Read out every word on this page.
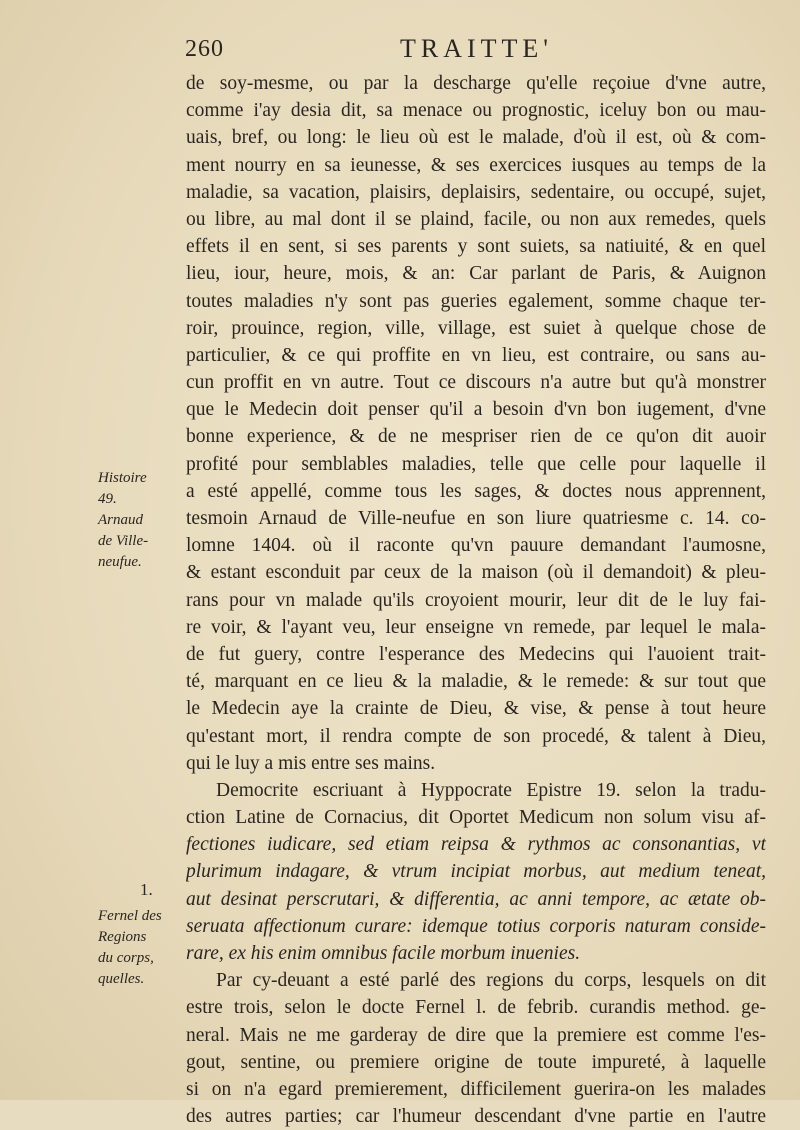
260	TRAITTE'
de soy-mesme, ou par la descharge qu'elle reçoiue d'vne autre,
comme i'ay desia dit, sa menace ou prognostic, iceluy bon ou mau-
uais, bref, ou long: le lieu où est le malade, d'où il est, où & com-
ment nourry en sa ieunesse, & ses exercices iusques au temps de la
maladie, sa vacation, plaisirs, deplaisirs, sedentaire, ou occupé, sujet,
ou libre, au mal dont il se plaind, facile, ou non aux remedes, quels
effets il en sent, si ses parents y sont suiets, sa natiuité, & en quel
lieu, iour, heure, mois, & an: Car parlant de Paris, & Auignon
toutes maladies n'y sont pas gueries egalement, somme chaque ter-
roir, prouince, region, ville, village, est suiet à quelque chose de
particulier, & ce qui proffite en vn lieu, est contraire, ou sans au-
cun proffit en vn autre. Tout ce discours n'a autre but qu'à monstrer
que le Medecin doit penser qu'il a besoin d'vn bon iugement, d'vne
bonne experience, & de ne mespriser rien de ce qu'on dit auoir
profité pour semblables maladies, telle que celle pour laquelle il
a esté appellé, comme tous les sages, & doctes nous apprennent,
tesmoin Arnaud de Ville-neufue en son liure quatriesme c. 14. co-
lomne 1404. où il raconte qu'vn pauure demandant l'aumosne,
& estant esconduit par ceux de la maison (où il demandoit) & pleu-
rans pour vn malade qu'ils croyoient mourir, leur dit de le luy fai-
re voir, & l'ayant veu, leur enseigne vn remede, par lequel le mala-
de fut guery, contre l'esperance des Medecins qui l'auoient trait-
té, marquant en ce lieu & la maladie, & le remede: & sur tout que
le Medecin aye la crainte de Dieu, & vise, & pense à tout heure
qu'estant mort, il rendra compte de son procedé, & talent à Dieu,
qui le luy a mis entre ses mains.
Democrite escriuant à Hyppocrate Epistre 19. selon la tradu-
ction Latine de Cornacius, dit Oportet Medicum non solum visu af-
fectiones iudicare, sed etiam reipsa & rythmos ac consonantias, vt
plurimum indagare, & vtrum incipiat morbus, aut medium teneat,
aut desinat perscrutari, & differentia, ac anni tempore, ac ætate ob-
seruata affectionum curare: idemque totius corporis naturam conside-
rare, ex his enim omnibus facile morbum inuenies.
Par cy-deuant a esté parlé des regions du corps, lesquels on dit
estre trois, selon le docte Fernel l. de febrib. curandis method. ge-
neral. Mais ne me garderay de dire que la premiere est comme l'es-
gout, sentine, ou premiere origine de toute impureté, à laquelle
si on n'a egard premierement, difficilement guerira-on les malades
des autres parties; car l'humeur descendant d'vne partie en l'autre
Histoire
49.
Arnaud
de Ville-
neufue.
1.
Fernel des
Regions
du corps,
quelles.
